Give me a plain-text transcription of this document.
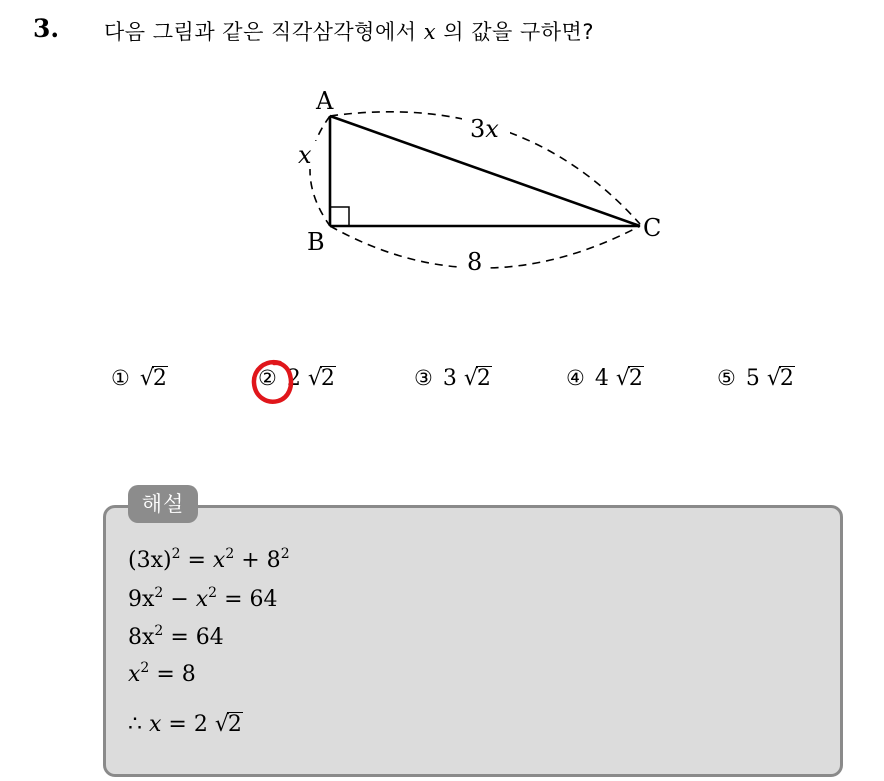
3. 다음 그림과 같은 직각삼각형에서 x 의 값을 구하면?
A
B	C
x
3x
8
① √2	② 2 √2	③ 3 √2	④ 4 √2	⑤ 5 √2
해설
$(3x)^2 = x^2 + 8^2$
$9x^2 - x^2 = 64$
$8x^2 = 64$
$x^2 = 8$
∴ x = 2 √2
